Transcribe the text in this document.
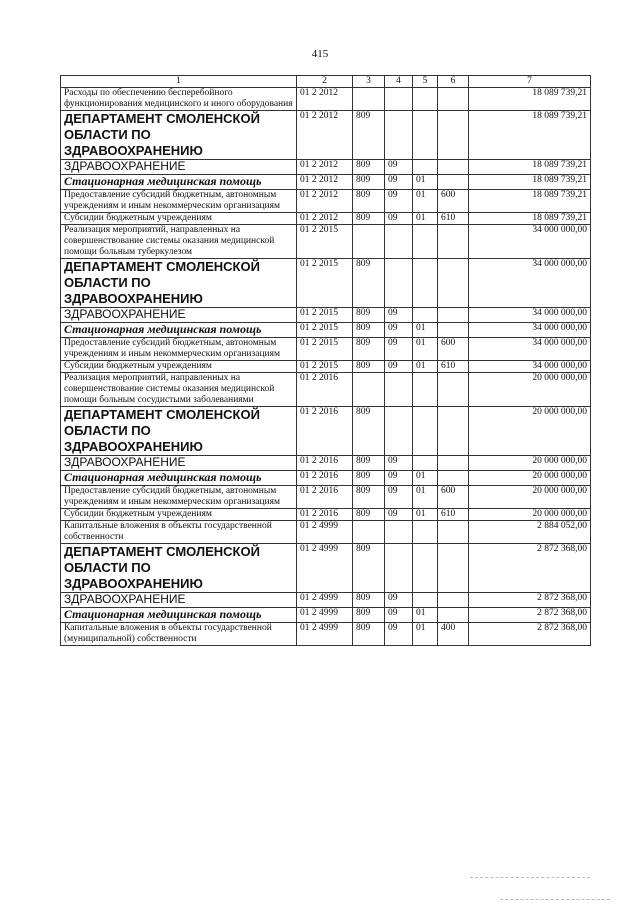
415
1	2	3	4	5	6	7
Расходы по обеспечению бесперебойного функционирования медицинского и иного оборудования	01 2 2012					18 089 739,21
ДЕПАРТАМЕНТ СМОЛЕНСКОЙ ОБЛАСТИ ПО ЗДРАВООХРАНЕНИЮ	01 2 2012	809				18 089 739,21
ЗДРАВООХРАНЕНИЕ	01 2 2012	809	09			18 089 739,21
Стационарная медицинская помощь	01 2 2012	809	09	01		18 089 739,21
Предоставление субсидий бюджетным, автономным учреждениям и иным некоммерческим организациям	01 2 2012	809	09	01	600	18 089 739,21
Субсидии бюджетным учреждениям	01 2 2012	809	09	01	610	18 089 739,21
Реализация мероприятий, направленных на совершенствование системы оказания медицинской помощи больным туберкулезом	01 2 2015					34 000 000,00
ДЕПАРТАМЕНТ СМОЛЕНСКОЙ ОБЛАСТИ ПО ЗДРАВООХРАНЕНИЮ	01 2 2015	809				34 000 000,00
ЗДРАВООХРАНЕНИЕ	01 2 2015	809	09			34 000 000,00
Стационарная медицинская помощь	01 2 2015	809	09	01		34 000 000,00
Предоставление субсидий бюджетным, автономным учреждениям и иным некоммерческим организациям	01 2 2015	809	09	01	600	34 000 000,00
Субсидии бюджетным учреждениям	01 2 2015	809	09	01	610	34 000 000,00
Реализация мероприятий, направленных на совершенствование системы оказания медицинской помощи больным сосудистыми заболеваниями	01 2 2016					20 000 000,00
ДЕПАРТАМЕНТ СМОЛЕНСКОЙ ОБЛАСТИ ПО ЗДРАВООХРАНЕНИЮ	01 2 2016	809				20 000 000,00
ЗДРАВООХРАНЕНИЕ	01 2 2016	809	09			20 000 000,00
Стационарная медицинская помощь	01 2 2016	809	09	01		20 000 000,00
Предоставление субсидий бюджетным, автономным учреждениям и иным некоммерческим организациям	01 2 2016	809	09	01	600	20 000 000,00
Субсидии бюджетным учреждениям	01 2 2016	809	09	01	610	20 000 000,00
Капитальные вложения в объекты государственной собственности	01 2 4999					2 884 052,00
ДЕПАРТАМЕНТ СМОЛЕНСКОЙ ОБЛАСТИ ПО ЗДРАВООХРАНЕНИЮ	01 2 4999	809				2 872 368,00
ЗДРАВООХРАНЕНИЕ	01 2 4999	809	09			2 872 368,00
Стационарная медицинская помощь	01 2 4999	809	09	01		2 872 368,00
Капитальные вложения в объекты государственной (муниципальной) собственности	01 2 4999	809	09	01	400	2 872 368,00
